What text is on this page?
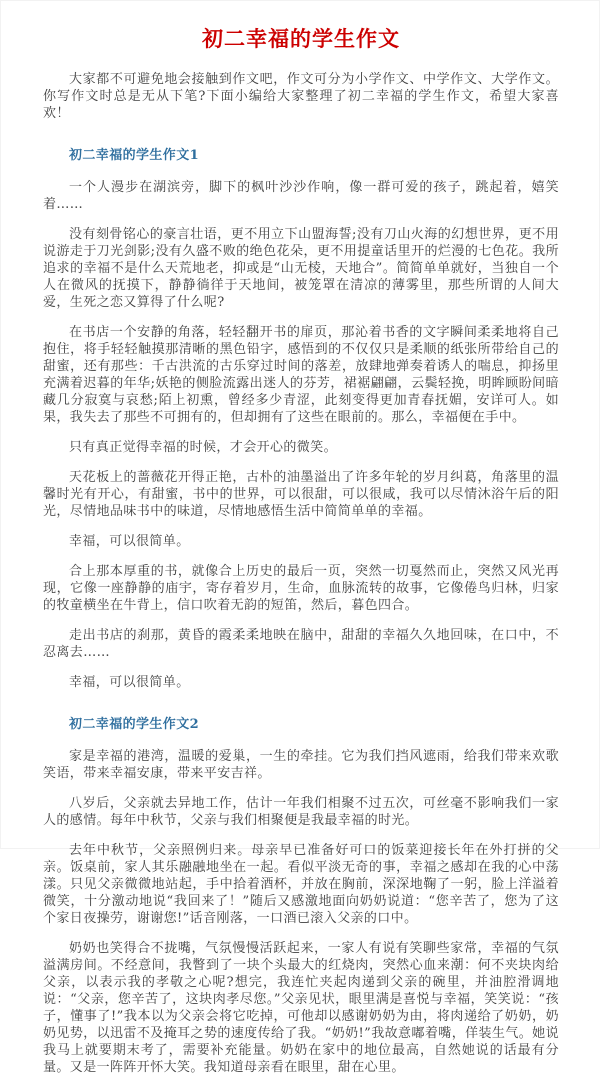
初二幸福的学生作文

大家都不可避免地会接触到作文吧，作文可分为小学作文、中学作文、大学作文。你写作文时总是无从下笔?下面小编给大家整理了初二幸福的学生作文，希望大家喜欢！

初二幸福的学生作文1

一个人漫步在湖滨旁，脚下的枫叶沙沙作响，像一群可爱的孩子，跳起着，嬉笑着……

没有刻骨铭心的豪言壮语，更不用立下山盟海誓;没有刀山火海的幻想世界，更不用说游走于刀光剑影;没有久盛不败的绝色花朵，更不用提童话里开的烂漫的七色花。我所追求的幸福不是什么天荒地老，抑或是“山无棱，天地合”。简简单单就好，当独自一个人在微风的抚摸下，静静徜徉于天地间，被笼罩在清凉的薄雾里，那些所谓的人间大爱，生死之恋又算得了什么呢?

在书店一个安静的角落，轻轻翻开书的扉页，那沁着书香的文字瞬间柔柔地将自己抱住，将手轻轻触摸那清晰的黑色铅字，感悟到的不仅仅只是柔顺的纸张所带给自己的甜蜜，还有那些：千古洪流的古乐穿过时间的落差，放肆地弹奏着诱人的喘息，抑扬里充满着迟暮的年华;妖艳的侧脸流露出迷人的芬芳，裙裾翩翩，云鬓轻挽，明眸顾盼间暗藏几分寂寞与哀愁;陌上初熏，曾经多少青涩，此刻变得更加青春抚媚，安详可人。如果，我失去了那些不可拥有的，但却拥有了这些在眼前的。那么，幸福便在手中。

只有真正觉得幸福的时候，才会开心的微笑。

天花板上的蔷薇花开得正艳，古朴的油墨溢出了许多年轮的岁月纠葛，角落里的温馨时光有开心，有甜蜜，书中的世界，可以很甜，可以很咸，我可以尽情沐浴午后的阳光，尽情地品味书中的味道，尽情地感悟生活中简简单单的幸福。

幸福，可以很简单。

合上那本厚重的书，就像合上历史的最后一页，突然一切戛然而止，突然又风光再现，它像一座静静的庙宇，寄存着岁月，生命，血脉流转的故事，它像倦鸟归林，归家的牧童横坐在牛背上，信口吹着无韵的短笛，然后，暮色四合。

走出书店的刹那，黄昏的霞柔柔地映在脑中，甜甜的幸福久久地回味，在口中，不忍离去……

幸福，可以很简单。

初二幸福的学生作文2

家是幸福的港湾，温暖的爱巢，一生的牵挂。它为我们挡风遮雨，给我们带来欢歌笑语，带来幸福安康，带来平安吉祥。

八岁后，父亲就去异地工作，估计一年我们相聚不过五次，可丝毫不影响我们一家人的感情。每年中秋节，父亲与我们相聚便是我最幸福的时光。

去年中秋节，父亲照例归来。母亲早已准备好可口的饭菜迎接长年在外打拼的父亲。饭桌前，家人其乐融融地坐在一起。看似平淡无奇的事，幸福之感却在我的心中荡漾。只见父亲微微地站起，手中拾着酒杯，并放在胸前，深深地鞠了一躬，脸上洋溢着微笑，十分激动地说“我回来了！”随后又感激地面向奶奶说道：“您辛苦了，您为了这个家日夜操劳，谢谢您!”话音刚落，一口酒已滚入父亲的口中。

奶奶也笑得合不拢嘴，气氛慢慢活跃起来，一家人有说有笑聊些家常，幸福的气氛溢满房间。不经意间，我瞥到了一块个头最大的红烧肉，突然心血来潮：何不夹块肉给父亲，以表示我的孝敬之心呢?想完，我连忙夹起肉递到父亲的碗里，并油腔滑调地说：“父亲，您辛苦了，这块肉孝尽您。”父亲见状，眼里满是喜悦与幸福，笑笑说：“孩子，懂事了!”我本以为父亲会将它吃掉，可他却以感谢奶奶为由，将肉递给了奶奶，奶奶见势，以迅雷不及掩耳之势的速度传给了我。“奶奶!”我故意嘟着嘴，佯装生气。她说我马上就要期末考了，需要补充能量。奶奶在家中的地位最高，自然她说的话最有分量。又是一阵阵开怀大笑。我知道母亲看在眼里，甜在心里。
